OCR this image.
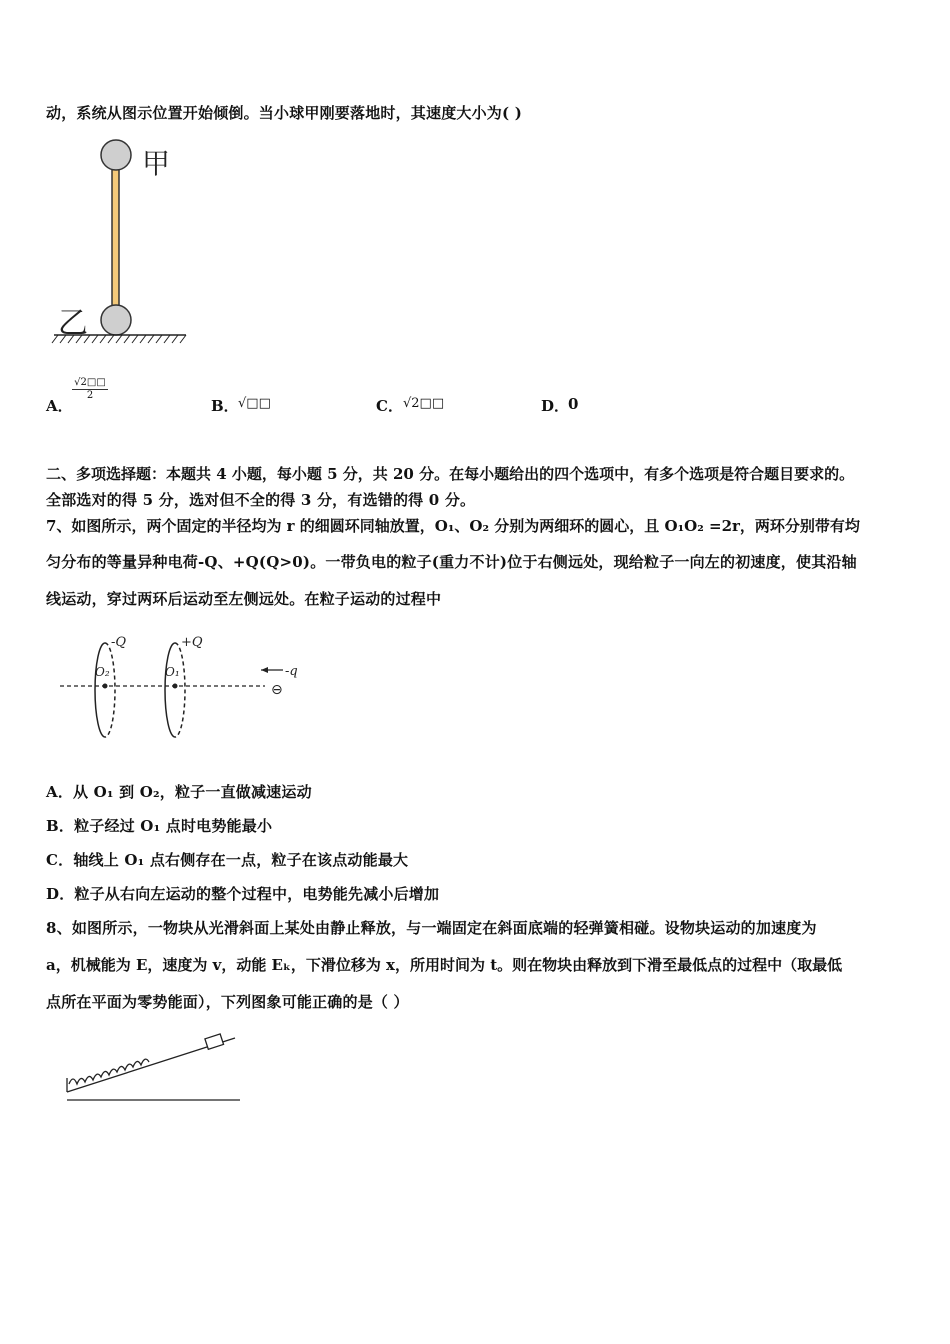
动，系统从图示位置开始倾倒。当小球甲刚要落地时，其速度大小为( )
甲
乙
A．
$\frac{√2□□}{2}$
B． √□□	C． √2□□	D．
0
二、多项选择题：本题共 4 小题，每小题 5 分，共 20 分。在每小题给出的四个选项中，有多个选项是符合题目要求的。
全部选对的得 5 分，选对但不全的得 3 分，有选错的得 0 分。
7、如图所示，两个固定的半径均为 r 的细圆环同轴放置，O₁、O₂ 分别为两细环的圆心，且 O₁O₂ =2r，两环分别带有均
匀分布的等量异种电荷-Q、+Q(Q>0)。一带负电的粒子(重力不计)位于右侧远处，现给粒子一向左的初速度，使其沿轴
线运动，穿过两环后运动至左侧远处。在粒子运动的过程中
-Q	+Q
O₂	O₁	-q
⊖
A．从 O₁ 到 O₂，粒子一直做减速运动
B．粒子经过 O₁ 点时电势能最小
C．轴线上 O₁ 点右侧存在一点，粒子在该点动能最大
D．粒子从右向左运动的整个过程中，电势能先减小后增加
8、如图所示，一物块从光滑斜面上某处由静止释放，与一端固定在斜面底端的轻弹簧相碰。设物块运动的加速度为
a，机械能为 E，速度为 v，动能 Eₖ，下滑位移为 x，所用时间为 t。则在物块由释放到下滑至最低点的过程中（取最低
点所在平面为零势能面），下列图象可能正确的是（ ）
